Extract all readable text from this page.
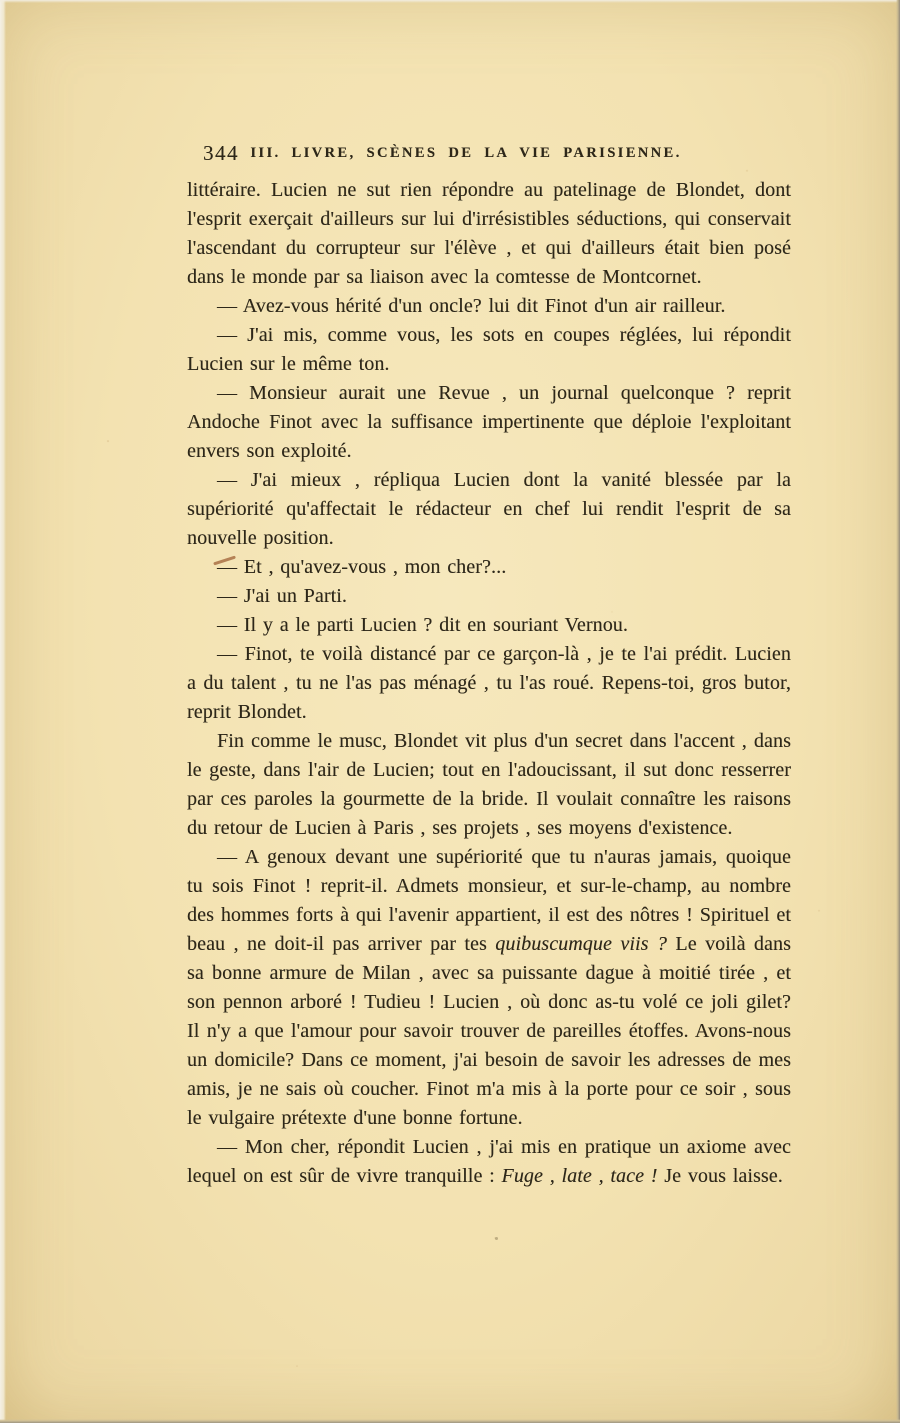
344 III. LIVRE, SCÈNES DE LA VIE PARISIENNE.

littéraire. Lucien ne sut rien répondre au patelinage de Blondet, dont l'esprit exerçait d'ailleurs sur lui d'irrésistibles séductions, qui conservait l'ascendant du corrupteur sur l'élève , et qui d'ailleurs était bien posé dans le monde par sa liaison avec la comtesse de Montcornet.

— Avez-vous hérité d'un oncle? lui dit Finot d'un air railleur.

— J'ai mis, comme vous, les sots en coupes réglées, lui répondit Lucien sur le même ton.

— Monsieur aurait une Revue , un journal quelconque ? reprit Andoche Finot avec la suffisance impertinente que déploie l'exploitant envers son exploité.

— J'ai mieux , répliqua Lucien dont la vanité blessée par la supériorité qu'affectait le rédacteur en chef lui rendit l'esprit de sa nouvelle position.

— Et , qu'avez-vous , mon cher?...

— J'ai un Parti.

— Il y a le parti Lucien ? dit en souriant Vernou.

— Finot, te voilà distancé par ce garçon-là , je te l'ai prédit. Lucien a du talent , tu ne l'as pas ménagé , tu l'as roué. Repens-toi, gros butor, reprit Blondet.

Fin comme le musc, Blondet vit plus d'un secret dans l'accent , dans le geste, dans l'air de Lucien; tout en l'adoucissant, il sut donc resserrer par ces paroles la gourmette de la bride. Il voulait connaître les raisons du retour de Lucien à Paris , ses projets , ses moyens d'existence.

— A genoux devant une supériorité que tu n'auras jamais, quoique tu sois Finot ! reprit-il. Admets monsieur, et sur-le-champ, au nombre des hommes forts à qui l'avenir appartient, il est des nôtres ! Spirituel et beau , ne doit-il pas arriver par tes quibuscumque viis ? Le voilà dans sa bonne armure de Milan , avec sa puissante dague à moitié tirée , et son pennon arboré ! Tudieu ! Lucien , où donc as-tu volé ce joli gilet? Il n'y a que l'amour pour savoir trouver de pareilles étoffes. Avons-nous un domicile? Dans ce moment, j'ai besoin de savoir les adresses de mes amis, je ne sais où coucher. Finot m'a mis à la porte pour ce soir , sous le vulgaire prétexte d'une bonne fortune.

— Mon cher, répondit Lucien , j'ai mis en pratique un axiome avec lequel on est sûr de vivre tranquille : Fuge , late , tace ! Je vous laisse.
